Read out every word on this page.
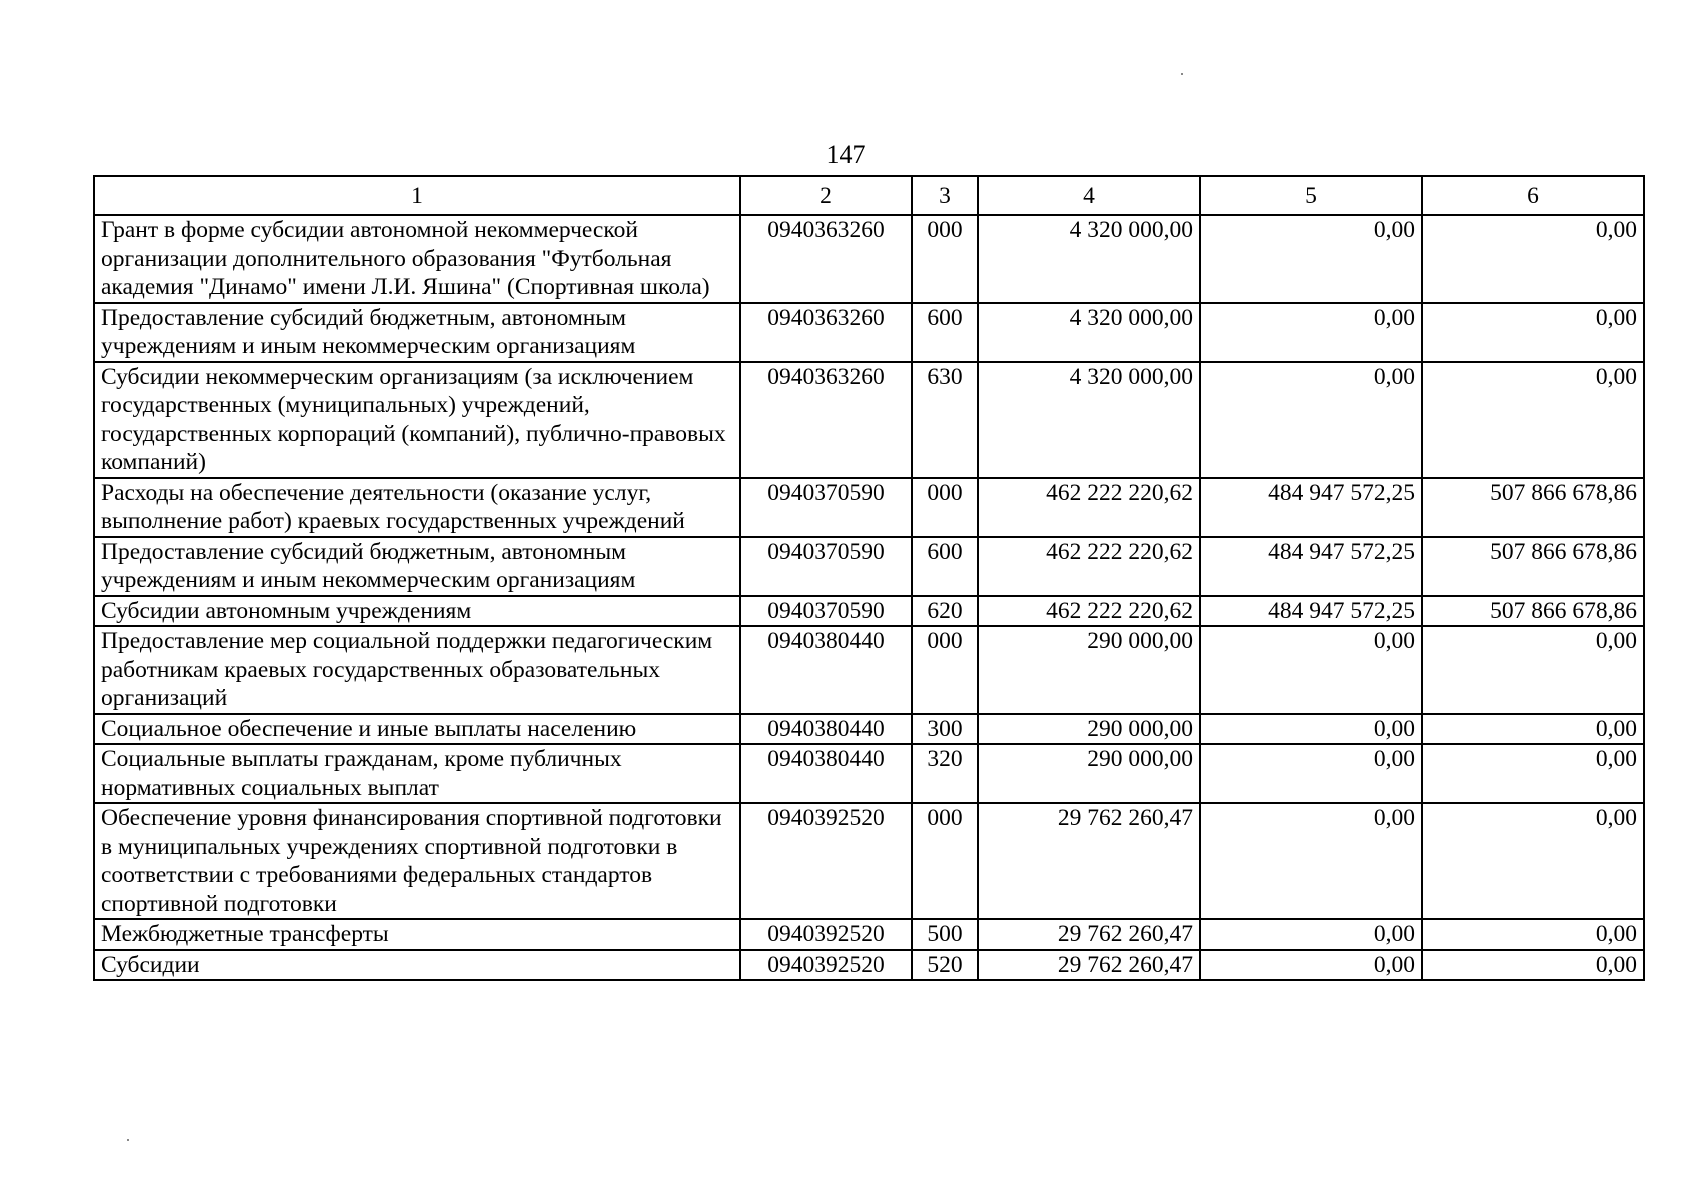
147
1	2	3	4	5	6
Грант в форме субсидии автономной некоммерческой организации дополнительного образования "Футбольная академия "Динамо" имени Л.И. Яшина" (Спортивная школа)	0940363260	000	4 320 000,00	0,00	0,00
Предоставление субсидий бюджетным, автономным учреждениям и иным некоммерческим организациям	0940363260	600	4 320 000,00	0,00	0,00
Субсидии некоммерческим организациям (за исключением государственных (муниципальных) учреждений, государственных корпораций (компаний), публично-правовых компаний)	0940363260	630	4 320 000,00	0,00	0,00
Расходы на обеспечение деятельности (оказание услуг, выполнение работ) краевых государственных учреждений	0940370590	000	462 222 220,62	484 947 572,25	507 866 678,86
Предоставление субсидий бюджетным, автономным учреждениям и иным некоммерческим организациям	0940370590	600	462 222 220,62	484 947 572,25	507 866 678,86
Субсидии автономным учреждениям	0940370590	620	462 222 220,62	484 947 572,25	507 866 678,86
Предоставление мер социальной поддержки педагогическим работникам краевых государственных образовательных организаций	0940380440	000	290 000,00	0,00	0,00
Социальное обеспечение и иные выплаты населению	0940380440	300	290 000,00	0,00	0,00
Социальные выплаты гражданам, кроме публичных нормативных социальных выплат	0940380440	320	290 000,00	0,00	0,00
Обеспечение уровня финансирования спортивной подготовки в муниципальных учреждениях спортивной подготовки в соответствии с требованиями федеральных стандартов спортивной подготовки	0940392520	000	29 762 260,47	0,00	0,00
Межбюджетные трансферты	0940392520	500	29 762 260,47	0,00	0,00
Субсидии	0940392520	520	29 762 260,47	0,00	0,00
